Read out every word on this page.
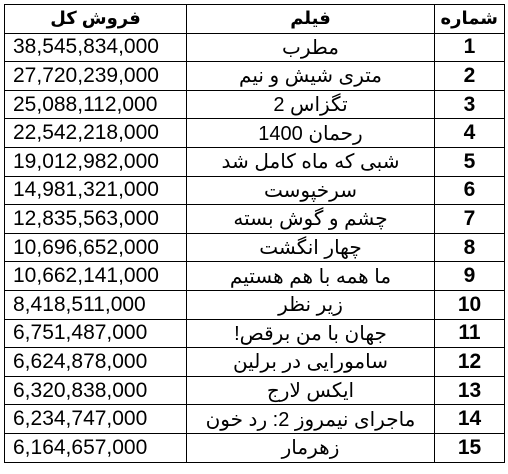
شماره	فیلم	فروش کل
1	مطرب	38,545,834,000
2	متری شیش و نیم	27,720,239,000
3	تگزاس 2	25,088,112,000
4	رحمان 1400	22,542,218,000
5	شبی که ماه کامل شد	19,012,982,000
6	سرخپوست	14,981,321,000
7	چشم و گوش بسته	12,835,563,000
8	چهار انگشت	10,696,652,000
9	ما همه با هم هستیم	10,662,141,000
10	زیر نظر	8,418,511,000
11	جهان با من برقص!	6,751,487,000
12	سامورایی در برلین	6,624,878,000
13	ایکس لارج	6,320,838,000
14	ماجرای نیمروز 2: رد خون	6,234,747,000
15	زهرمار	6,164,657,000
